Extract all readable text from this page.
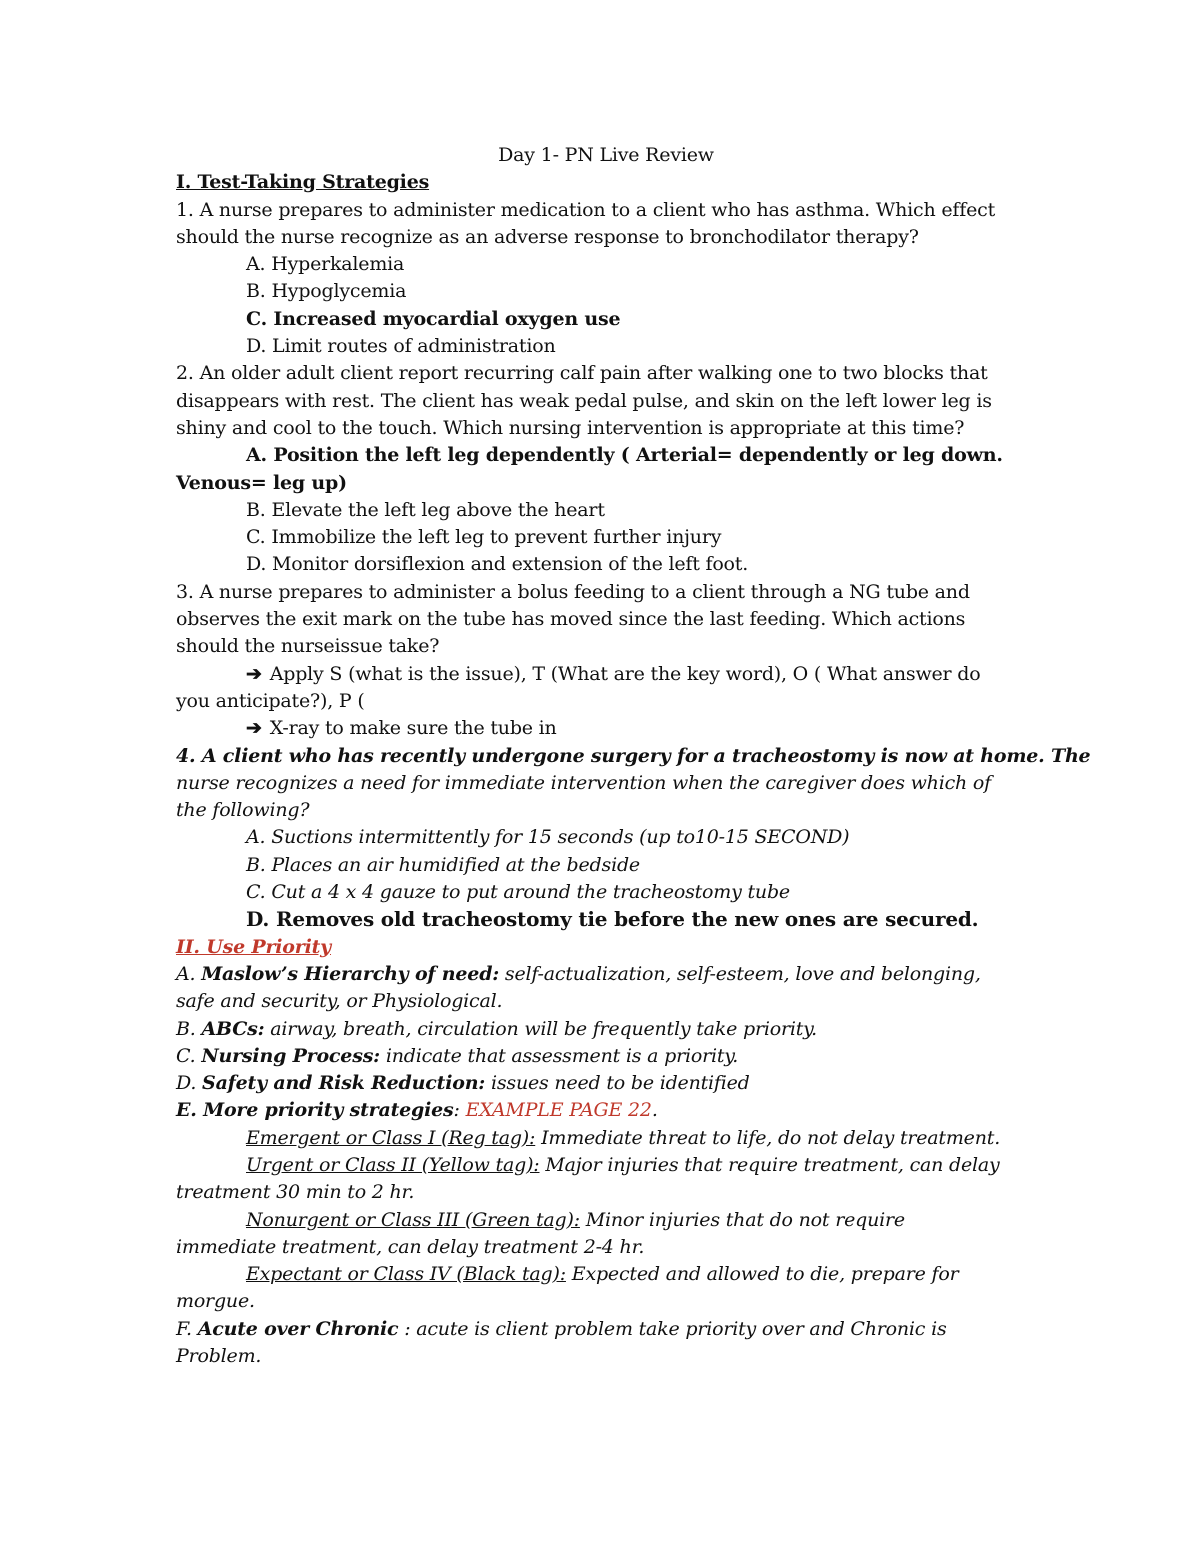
Day 1- PN Live Review
I. Test-Taking Strategies
1. A nurse prepares to administer medication to a client who has asthma. Which effect
should the nurse recognize as an adverse response to bronchodilator therapy?
A. Hyperkalemia
B. Hypoglycemia
C. Increased myocardial oxygen use
D. Limit routes of administration
2. An older adult client report recurring calf pain after walking one to two blocks that
disappears with rest. The client has weak pedal pulse, and skin on the left lower leg is
shiny and cool to the touch. Which nursing intervention is appropriate at this time?
A. Position the left leg dependently ( Arterial= dependently or leg down.
Venous= leg up)
B. Elevate the left leg above the heart
C. Immobilize the left leg to prevent further injury
D. Monitor dorsiflexion and extension of the left foot.
3. A nurse prepares to administer a bolus feeding to a client through a NG tube and
observes the exit mark on the tube has moved since the last feeding. Which actions
should the nurseissue take?
➔ Apply S (what is the issue), T (What are the key word), O ( What answer do
you anticipate?), P (
➔ X-ray to make sure the tube in
4. A client who has recently undergone surgery for a tracheostomy is now at home. The
nurse recognizes a need for immediate intervention when the caregiver does which of
the following?
A. Suctions intermittently for 15 seconds (up to10-15 SECOND)
B. Places an air humidified at the bedside
C. Cut a 4 x 4 gauze to put around the tracheostomy tube
D. Removes old tracheostomy tie before the new ones are secured.
II. Use Priority
A. Maslow’s Hierarchy of need: self-actualization, self-esteem, love and belonging,
safe and security, or Physiological.
B. ABCs: airway, breath, circulation will be frequently take priority.
C. Nursing Process: indicate that assessment is a priority.
D. Safety and Risk Reduction: issues need to be identified
E. More priority strategies: EXAMPLE PAGE 22.
Emergent or Class I (Reg tag): Immediate threat to life, do not delay treatment.
Urgent or Class II (Yellow tag): Major injuries that require treatment, can delay
treatment 30 min to 2 hr.
Nonurgent or Class III (Green tag): Minor injuries that do not require
immediate treatment, can delay treatment 2-4 hr.
Expectant or Class IV (Black tag): Expected and allowed to die, prepare for
morgue.
F. Acute over Chronic : acute is client problem take priority over and Chronic is
Problem.
